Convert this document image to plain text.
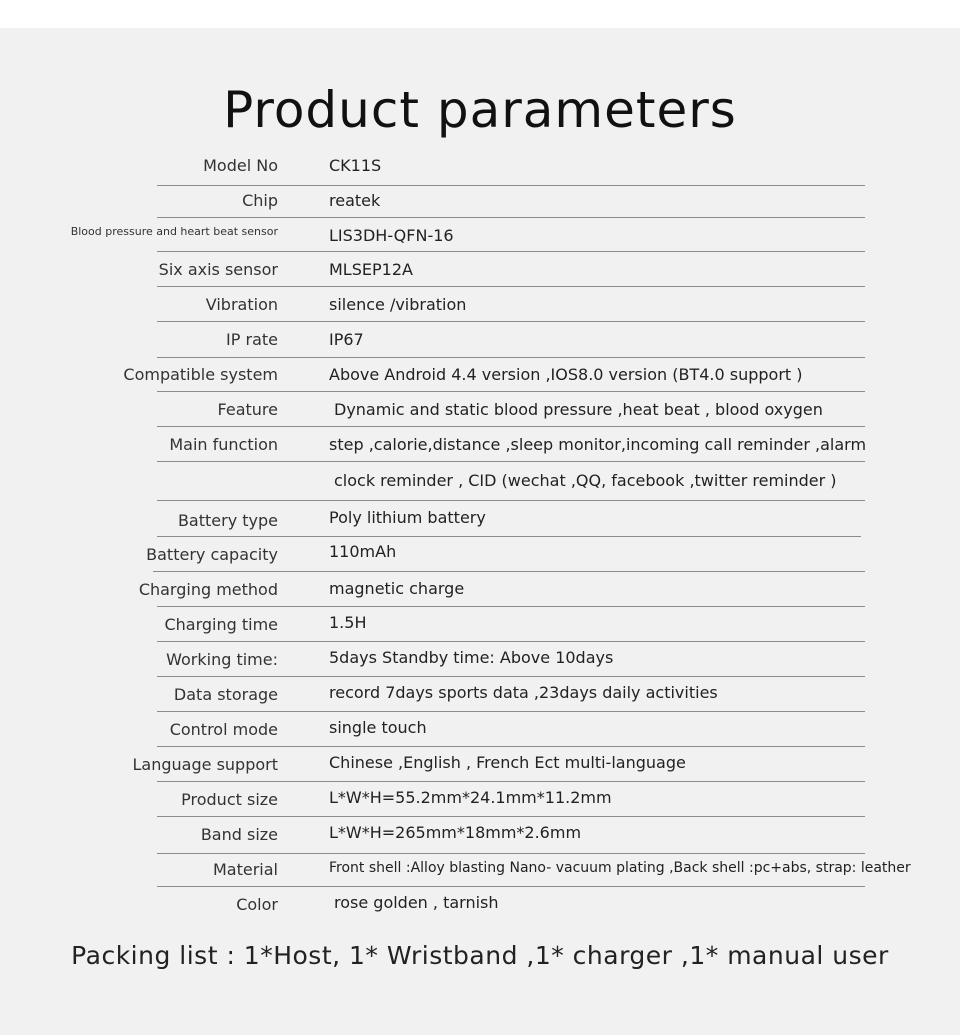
Product parameters
Model No	CK11S
Chip	reatek
Blood pressure and heart beat sensor	LIS3DH-QFN-16
Six axis sensor	MLSEP12A
Vibration	silence /vibration
IP rate	IP67
Compatible system	Above Android 4.4 version ,IOS8.0 version (BT4.0 support )
Feature	Dynamic and static blood pressure ,heat beat , blood oxygen
Main function	step ,calorie,distance ,sleep monitor,incoming call reminder ,alarm
clock reminder , CID (wechat ,QQ, facebook ,twitter reminder )
Battery type	Poly lithium battery
Battery capacity	110mAh
Charging method	magnetic charge
Charging time	1.5H
Working time:	5days Standby time: Above 10days
Data storage	record 7days sports data ,23days daily activities
Control mode	single touch
Language support	Chinese ,English , French Ect multi-language
Product size	L*W*H=55.2mm*24.1mm*11.2mm
Band size	L*W*H=265mm*18mm*2.6mm
Material	Front shell :Alloy blasting Nano- vacuum plating ,Back shell :pc+abs, strap: leather
Color	rose golden , tarnish
Packing list : 1*Host, 1* Wristband ,1* charger ,1* manual user
